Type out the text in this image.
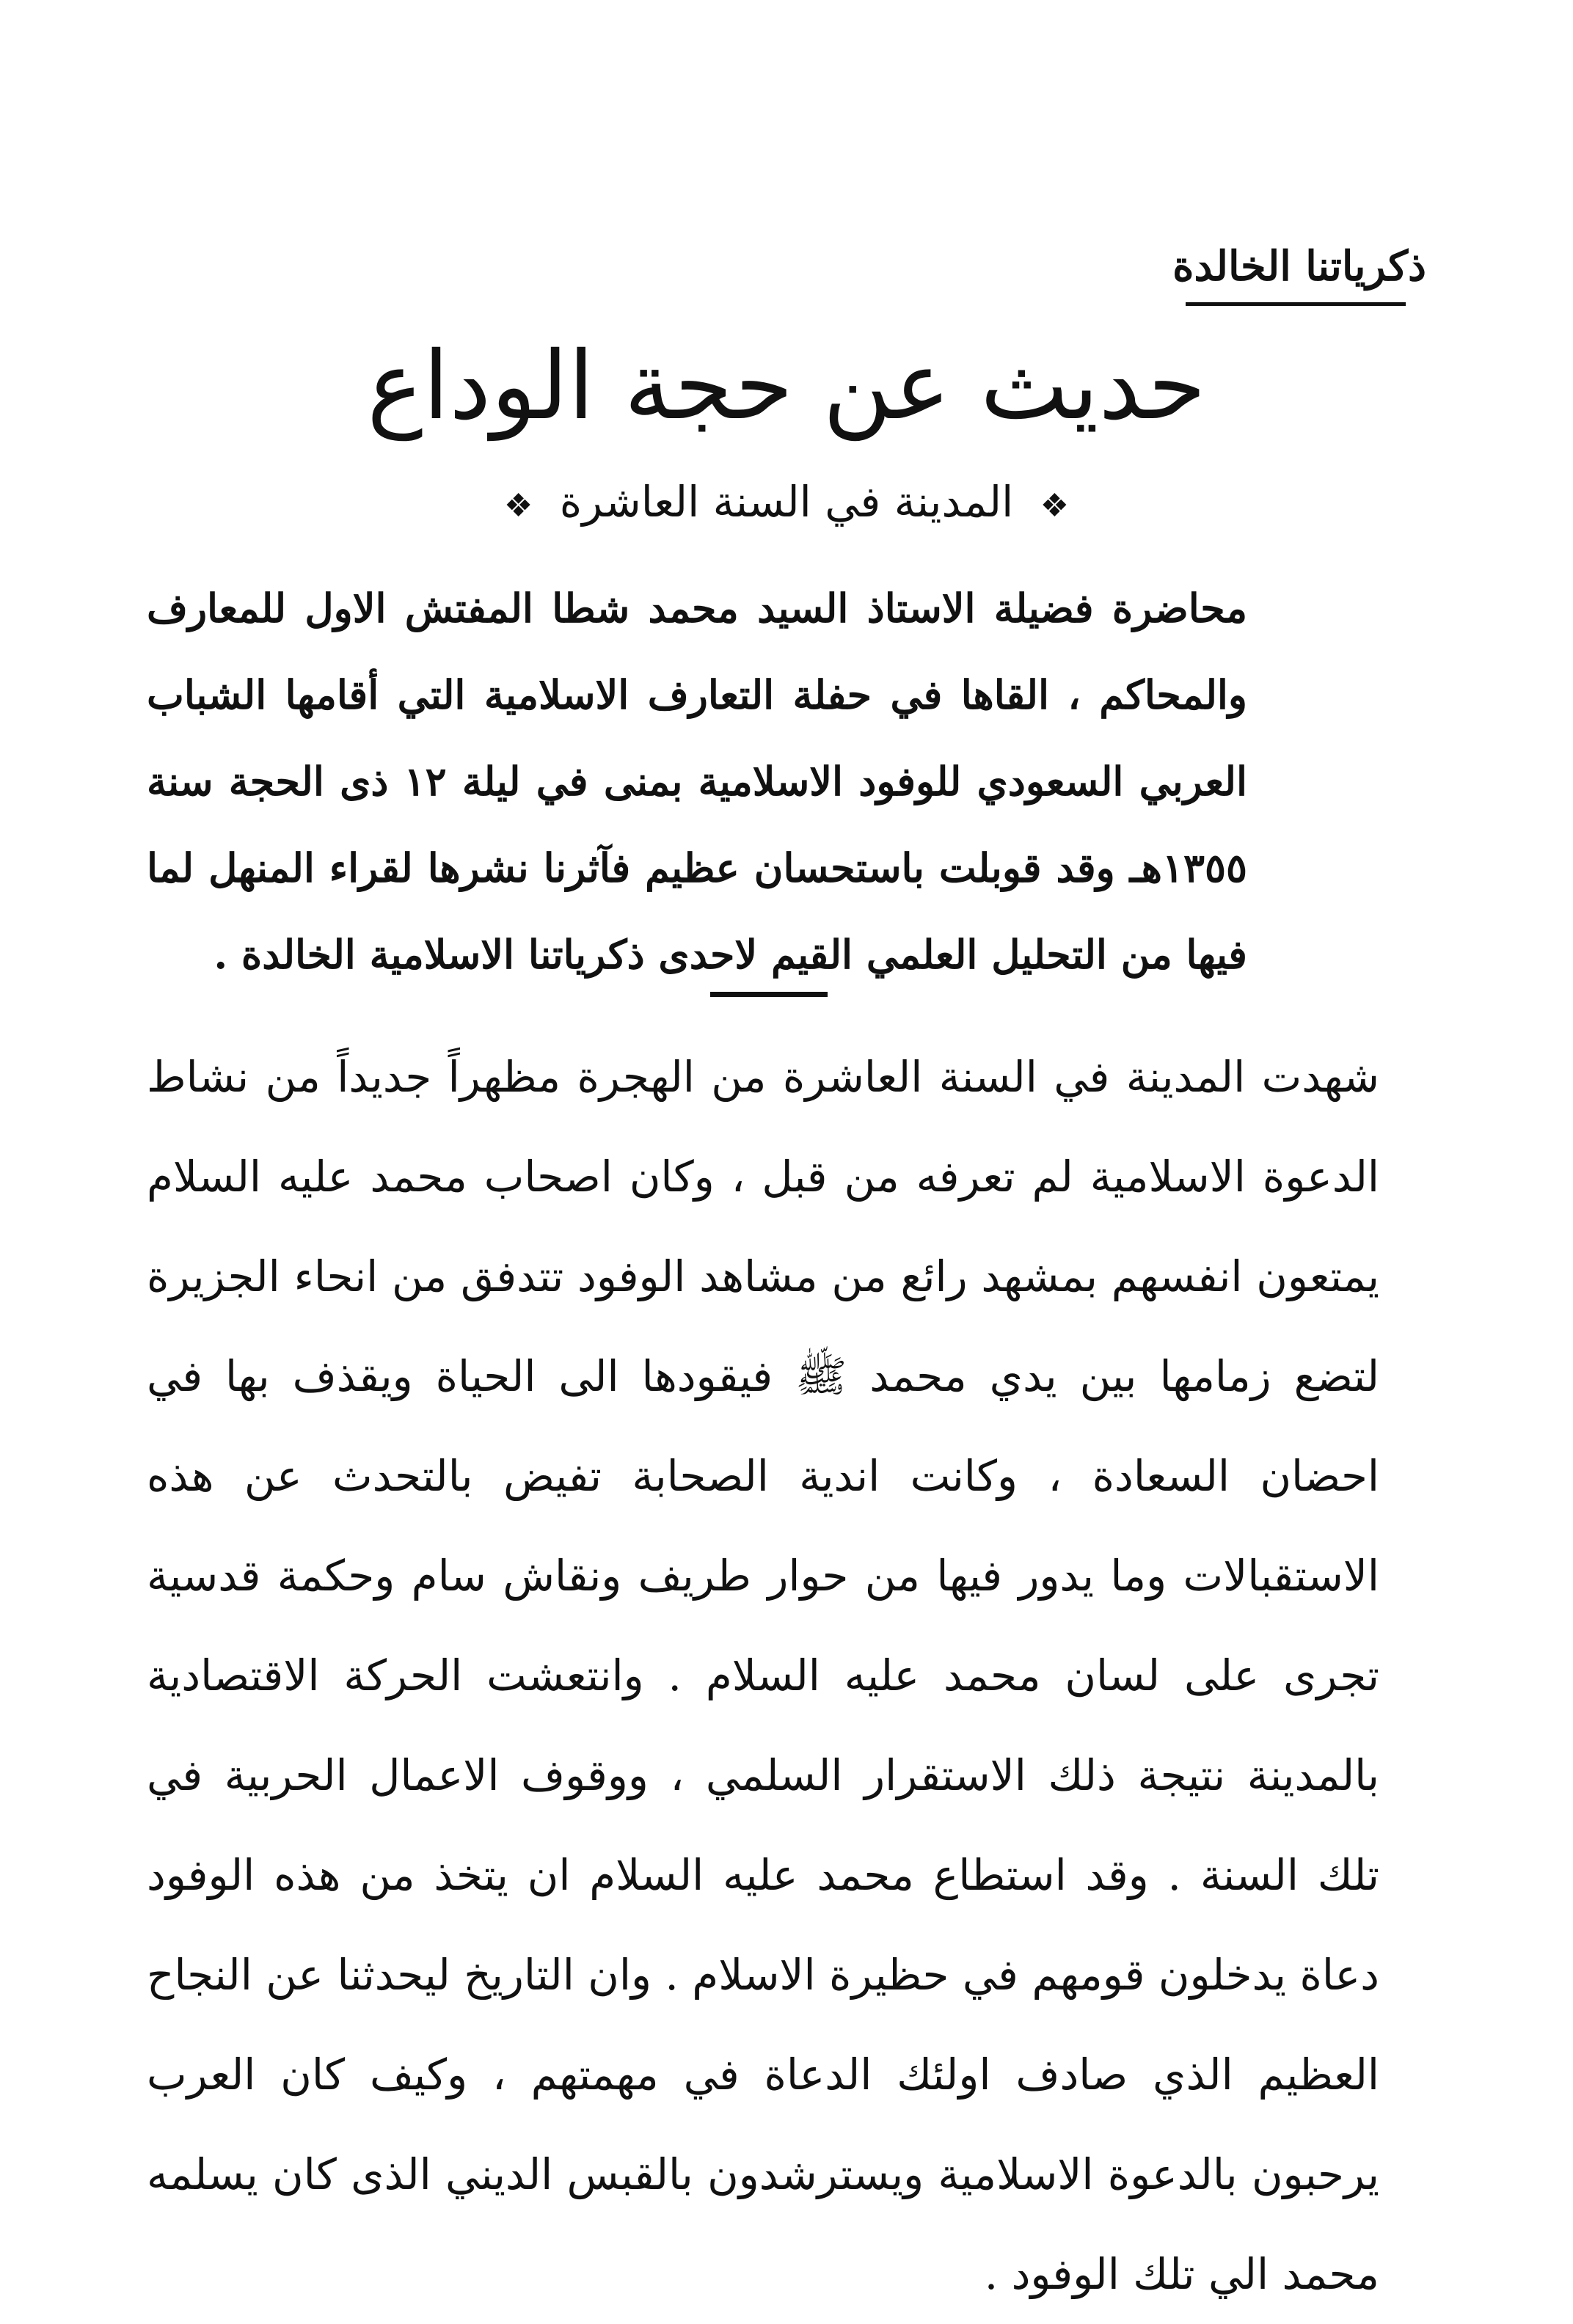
ذكرياتنا الخالدة
حديث عن حجة الوداع
❖ المدينة في السنة العاشرة ❖
محاضرة فضيلة الاستاذ السيد محمد شطا المفتش الاول للمعارف والمحاكم ، القاها في حفلة التعارف الاسلامية التي أقامها الشباب العربي السعودي للوفود الاسلامية بمنى في ليلة ١٢ ذى الحجة سنة ١٣٥٥هـ وقد قوبلت باستحسان عظيم فآثرنا نشرها لقراء المنهل لما فيها من التحليل العلمي القيم لاحدى ذكرياتنا الاسلامية الخالدة .
شهدت المدينة في السنة العاشرة من الهجرة مظهراً جديداً من نشاط الدعوة الاسلامية لم تعرفه من قبل ، وكان اصحاب محمد عليه السلام يمتعون انفسهم بمشهد رائع من مشاهد الوفود تتدفق من انحاء الجزيرة لتضع زمامها بين يدي محمد ﷺ فيقودها الى الحياة ويقذف بها في احضان السعادة ، وكانت اندية الصحابة تفيض بالتحدث عن هذه الاستقبالات وما يدور فيها من حوار طريف ونقاش سام وحكمة قدسية تجرى على لسان محمد عليه السلام . وانتعشت الحركة الاقتصادية بالمدينة نتيجة ذلك الاستقرار السلمي ، ووقوف الاعمال الحربية في تلك السنة . وقد استطاع محمد عليه السلام ان يتخذ من هذه الوفود دعاة يدخلون قومهم في حظيرة الاسلام . وان التاريخ ليحدثنا عن النجاح العظيم الذي صادف اولئك الدعاة في مهمتهم ، وكيف كان العرب يرحبون بالدعوة الاسلامية ويسترشدون بالقبس الديني الذى كان يسلمه محمد الي تلك الوفود .
